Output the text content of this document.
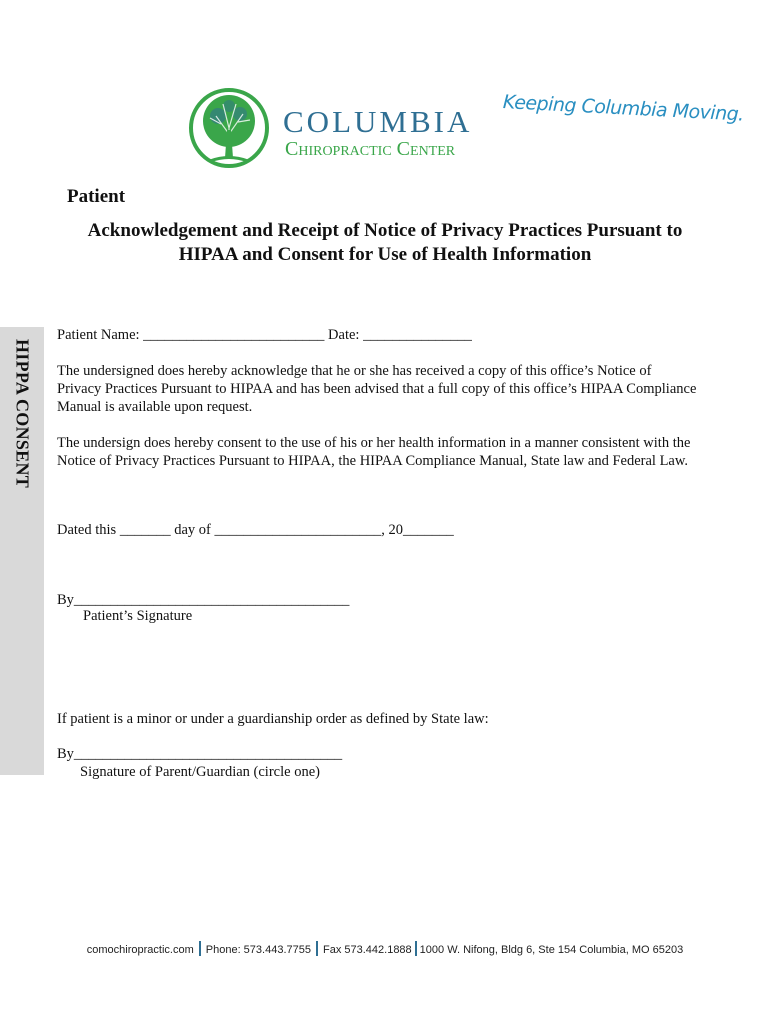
COLUMBIA
Chiropractic Center
Keeping Columbia Moving.
Patient
Acknowledgement and Receipt of Notice of Privacy Practices Pursuant to
HIPAA and Consent for Use of Health Information
HIPPA CONSENT
Patient Name: _________________________ Date: _______________
The undersigned does hereby acknowledge that he or she has received a copy of this office’s Notice of Privacy Practices Pursuant to HIPAA and has been advised that a full copy of this office’s HIPAA Compliance Manual is available upon request.
The undersign does hereby consent to the use of his or her health information in a manner consistent with the Notice of Privacy Practices Pursuant to HIPAA, the HIPAA Compliance Manual, State law and Federal Law.
Dated this _______ day of _______________________, 20_______
By______________________________________
Patient’s Signature
If patient is a minor or under a guardianship order as defined by State law:
By_____________________________________
Signature of Parent/Guardian (circle one)
comochiropractic.com Phone: 573.443.7755 Fax 573.442.1888 1000 W. Nifong, Bldg 6, Ste 154 Columbia, MO 65203
